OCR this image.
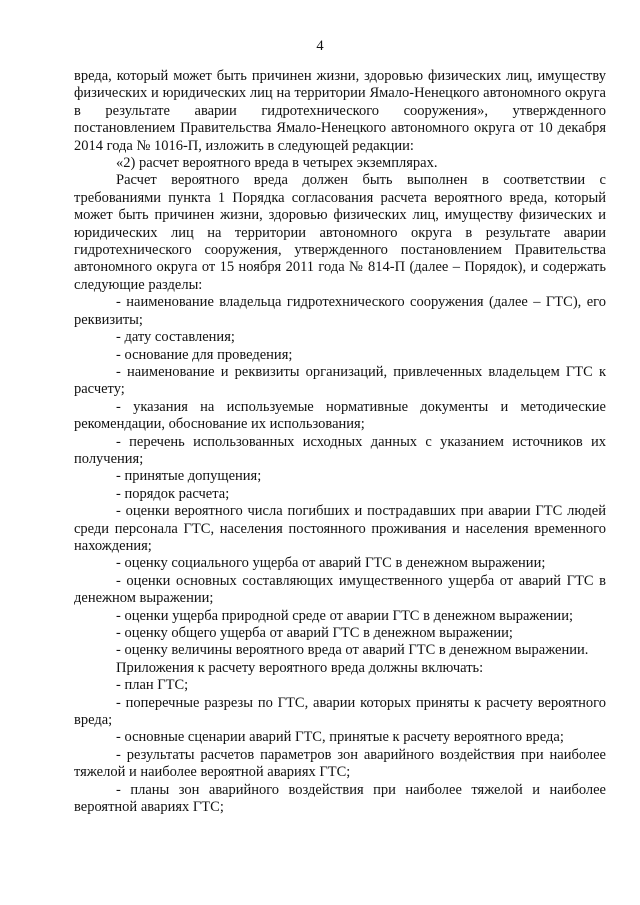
4

вреда, который может быть причинен жизни, здоровью физических лиц, имуществу физических и юридических лиц на территории Ямало-Ненецкого автономного округа в результате аварии гидротехнического сооружения», утвержденного постановлением Правительства Ямало-Ненецкого автономного округа от 10 декабря 2014 года № 1016-П, изложить в следующей редакции:

«2) расчет вероятного вреда в четырех экземплярах.

Расчет вероятного вреда должен быть выполнен в соответствии с требованиями пункта 1 Порядка согласования расчета вероятного вреда, который может быть причинен жизни, здоровью физических лиц, имуществу физических и юридических лиц на территории автономного округа в результате аварии гидротехнического сооружения, утвержденного постановлением Правительства автономного округа от 15 ноября 2011 года № 814-П (далее – Порядок), и содержать следующие разделы:

- наименование владельца гидротехнического сооружения (далее – ГТС), его реквизиты;

- дату составления;

- основание для проведения;

- наименование и реквизиты организаций, привлеченных владельцем ГТС к расчету;

- указания на используемые нормативные документы и методические рекомендации, обоснование их использования;

- перечень использованных исходных данных с указанием источников их получения;

- принятые допущения;

- порядок расчета;

- оценки вероятного числа погибших и пострадавших при аварии ГТС людей среди персонала ГТС, населения постоянного проживания и населения временного нахождения;

- оценку социального ущерба от аварий ГТС в денежном выражении;

- оценки основных составляющих имущественного ущерба от аварий ГТС в денежном выражении;

- оценки ущерба природной среде от аварии ГТС в денежном выражении;

- оценку общего ущерба от аварий ГТС в денежном выражении;

- оценку величины вероятного вреда от аварий ГТС в денежном выражении.

Приложения к расчету вероятного вреда должны включать:

- план ГТС;

- поперечные разрезы по ГТС, аварии которых приняты к расчету вероятного вреда;

- основные сценарии аварий ГТС, принятые к расчету вероятного вреда;

- результаты расчетов параметров зон аварийного воздействия при наиболее тяжелой и наиболее вероятной авариях ГТС;

- планы зон аварийного воздействия при наиболее тяжелой и наиболее вероятной авариях ГТС;
